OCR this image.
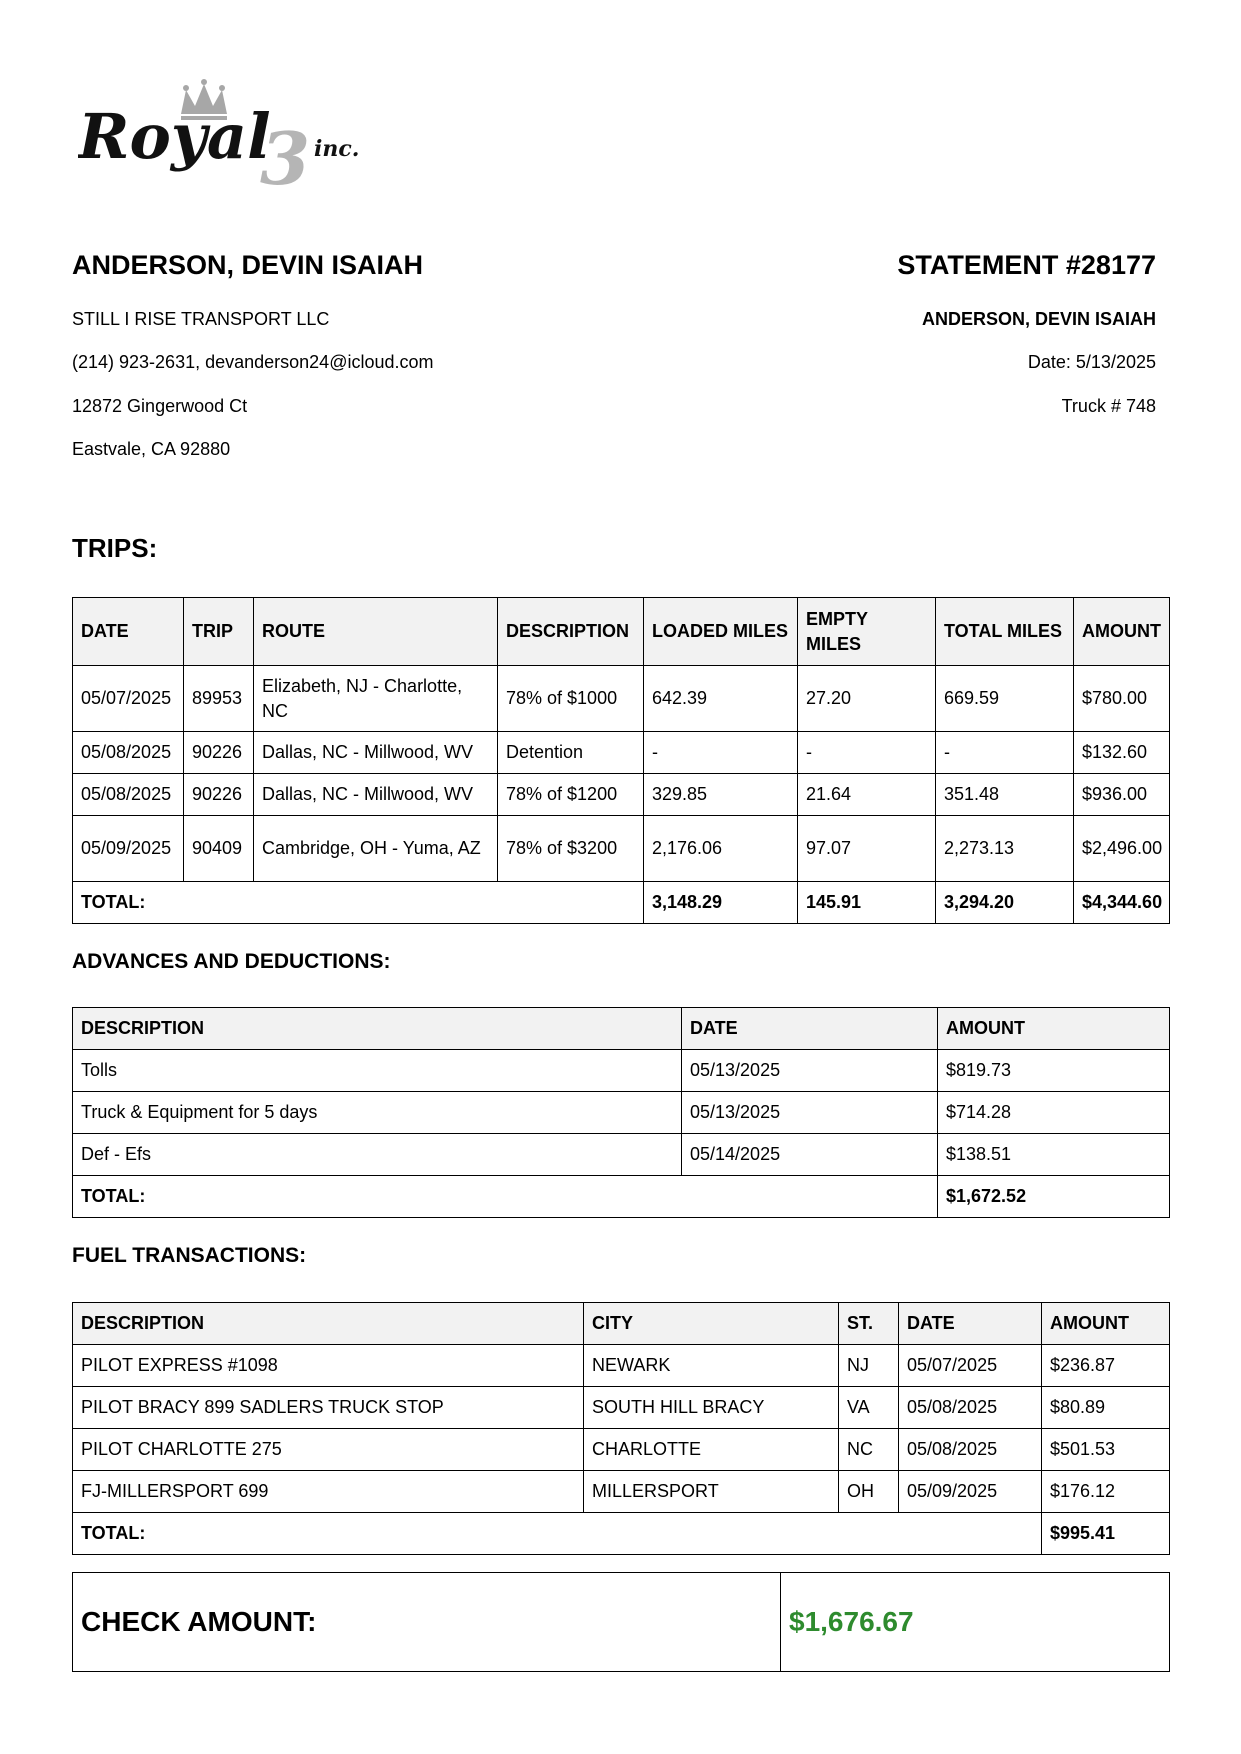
3
Royal inc.
ANDERSON, DEVIN ISAIAH
STILL I RISE TRANSPORT LLC
(214) 923-2631, devanderson24@icloud.com
12872 Gingerwood Ct
Eastvale, CA 92880
STATEMENT #28177
ANDERSON, DEVIN ISAIAH
Date: 5/13/2025
Truck # 748
TRIPS:
DATE	TRIP	ROUTE	DESCRIPTION	LOADED MILES	EMPTY MILES	TOTAL MILES	AMOUNT
05/07/2025	89953	Elizabeth, NJ - Charlotte, NC	78% of $1000	642.39	27.20	669.59	$780.00
05/08/2025	90226	Dallas, NC - Millwood, WV	Detention	-	-	-	$132.60
05/08/2025	90226	Dallas, NC - Millwood, WV	78% of $1200	329.85	21.64	351.48	$936.00
05/09/2025	90409	Cambridge, OH - Yuma, AZ	78% of $3200	2,176.06	97.07	2,273.13	$2,496.00
TOTAL:				3,148.29	145.91	3,294.20	$4,344.60
ADVANCES AND DEDUCTIONS:
DESCRIPTION	DATE	AMOUNT
Tolls	05/13/2025	$819.73
Truck & Equipment for 5 days	05/13/2025	$714.28
Def - Efs	05/14/2025	$138.51
TOTAL:		$1,672.52
FUEL TRANSACTIONS:
DESCRIPTION	CITY	ST.	DATE	AMOUNT
PILOT EXPRESS #1098	NEWARK	NJ	05/07/2025	$236.87
PILOT BRACY 899 SADLERS TRUCK STOP	SOUTH HILL BRACY	VA	05/08/2025	$80.89
PILOT CHARLOTTE 275	CHARLOTTE	NC	05/08/2025	$501.53
FJ-MILLERSPORT 699	MILLERSPORT	OH	05/09/2025	$176.12
TOTAL:				$995.41
CHECK AMOUNT:	$1,676.67
